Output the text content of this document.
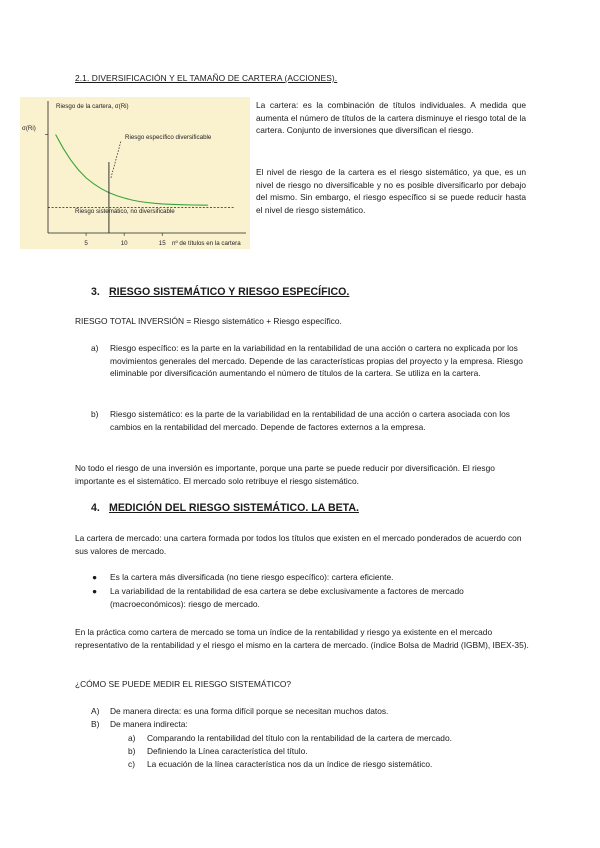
2.1. DIVERSIFICACIÓN Y EL TAMAÑO DE CARTERA (ACCIONES).
Riesgo de la cartera, σ(Ri)
σ(Ri)
nº de títulos en la cartera
5	10	15
Riesgo específico diversificable
Riesgo sistemático, no diversificable

La cartera: es la combinación de títulos individuales. A medida que aumenta el número de títulos de la cartera disminuye el riesgo total de la cartera. Conjunto de inversiones que diversifican el riesgo.

El nivel de riesgo de la cartera es el riesgo sistemático, ya que, es un nivel de riesgo no diversificable y no es posible diversificarlo por debajo del mismo. Sin embargo, el riesgo específico si se puede reducir hasta el nivel de riesgo sistemático.

3. RIESGO SISTEMÁTICO Y RIESGO ESPECÍFICO.

RIESGO TOTAL INVERSIÓN = Riesgo sistemático + Riesgo específico.

a) Riesgo específico: es la parte en la variabilidad en la rentabilidad de una acción o cartera no explicada por los movimientos generales del mercado. Depende de las características propias del proyecto y la empresa. Riesgo eliminable por diversificación aumentando el número de títulos de la cartera. Se utiliza en la cartera.

b) Riesgo sistemático: es la parte de la variabilidad en la rentabilidad de una acción o cartera asociada con los cambios en la rentabilidad del mercado. Depende de factores externos a la empresa.

No todo el riesgo de una inversión es importante, porque una parte se puede reducir por diversificación. El riesgo importante es el sistemático. El mercado solo retribuye el riesgo sistemático.

4. MEDICIÓN DEL RIESGO SISTEMÁTICO. LA BETA.

La cartera de mercado: una cartera formada por todos los títulos que existen en el mercado ponderados de acuerdo con sus valores de mercado.

● Es la cartera más diversificada (no tiene riesgo específico): cartera eficiente.

● La variabilidad de la rentabilidad de esa cartera se debe exclusivamente a factores de mercado (macroeconómicos): riesgo de mercado.

En la práctica como cartera de mercado se toma un índice de la rentabilidad y riesgo ya existente en el mercado representativo de la rentabilidad y el riesgo el mismo en la cartera de mercado. (índice Bolsa de Madrid (IGBM), IBEX-35).

¿CÓMO SE PUEDE MEDIR EL RIESGO SISTEMÁTICO?

A) De manera directa: es una forma difícil porque se necesitan muchos datos.

B) De manera indirecta:

a) Comparando la rentabilidad del título con la rentabilidad de la cartera de mercado.

b) Definiendo la Línea característica del título.

c) La ecuación de la línea característica nos da un índice de riesgo sistemático.
